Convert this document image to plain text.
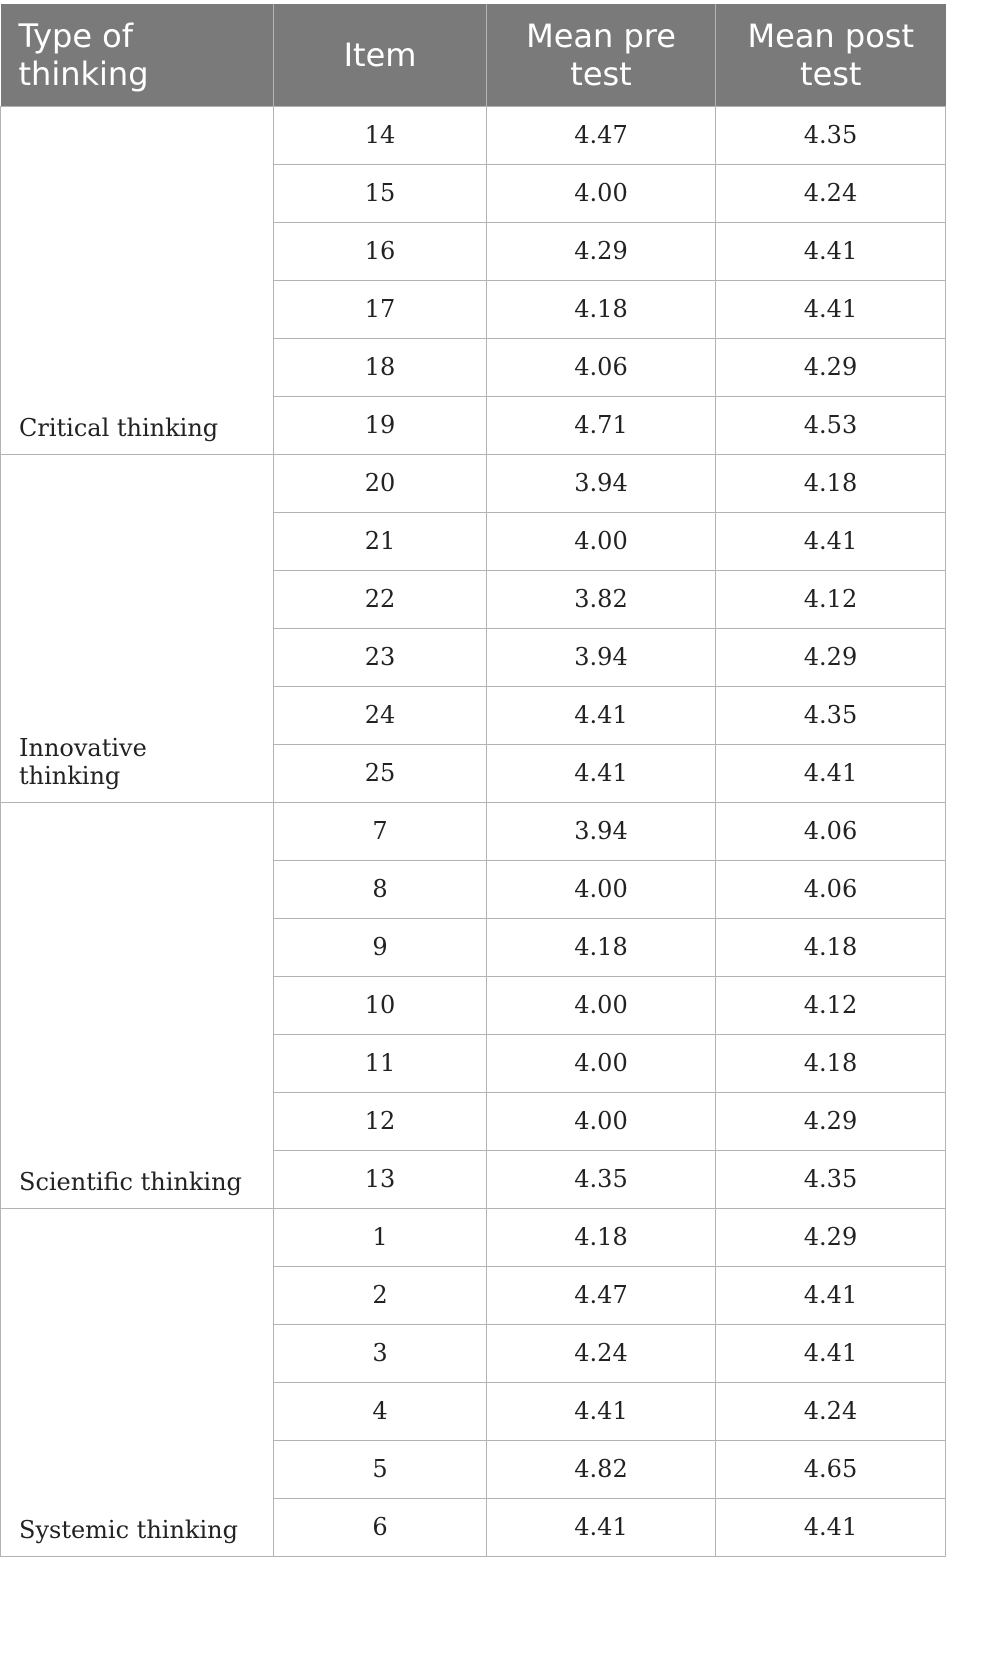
Type of thinking	Item	Mean pre test	Mean post test
Critical thinking	14	4.47	4.35
	15	4.00	4.24
	16	4.29	4.41
	17	4.18	4.41
	18	4.06	4.29
	19	4.71	4.53
Innovative thinking	20	3.94	4.18
	21	4.00	4.41
	22	3.82	4.12
	23	3.94	4.29
	24	4.41	4.35
	25	4.41	4.41
Scientific thinking	7	3.94	4.06
	8	4.00	4.06
	9	4.18	4.18
	10	4.00	4.12
	11	4.00	4.18
	12	4.00	4.29
	13	4.35	4.35
Systemic thinking	1	4.18	4.29
	2	4.47	4.41
	3	4.24	4.41
	4	4.41	4.24
	5	4.82	4.65
	6	4.41	4.41
